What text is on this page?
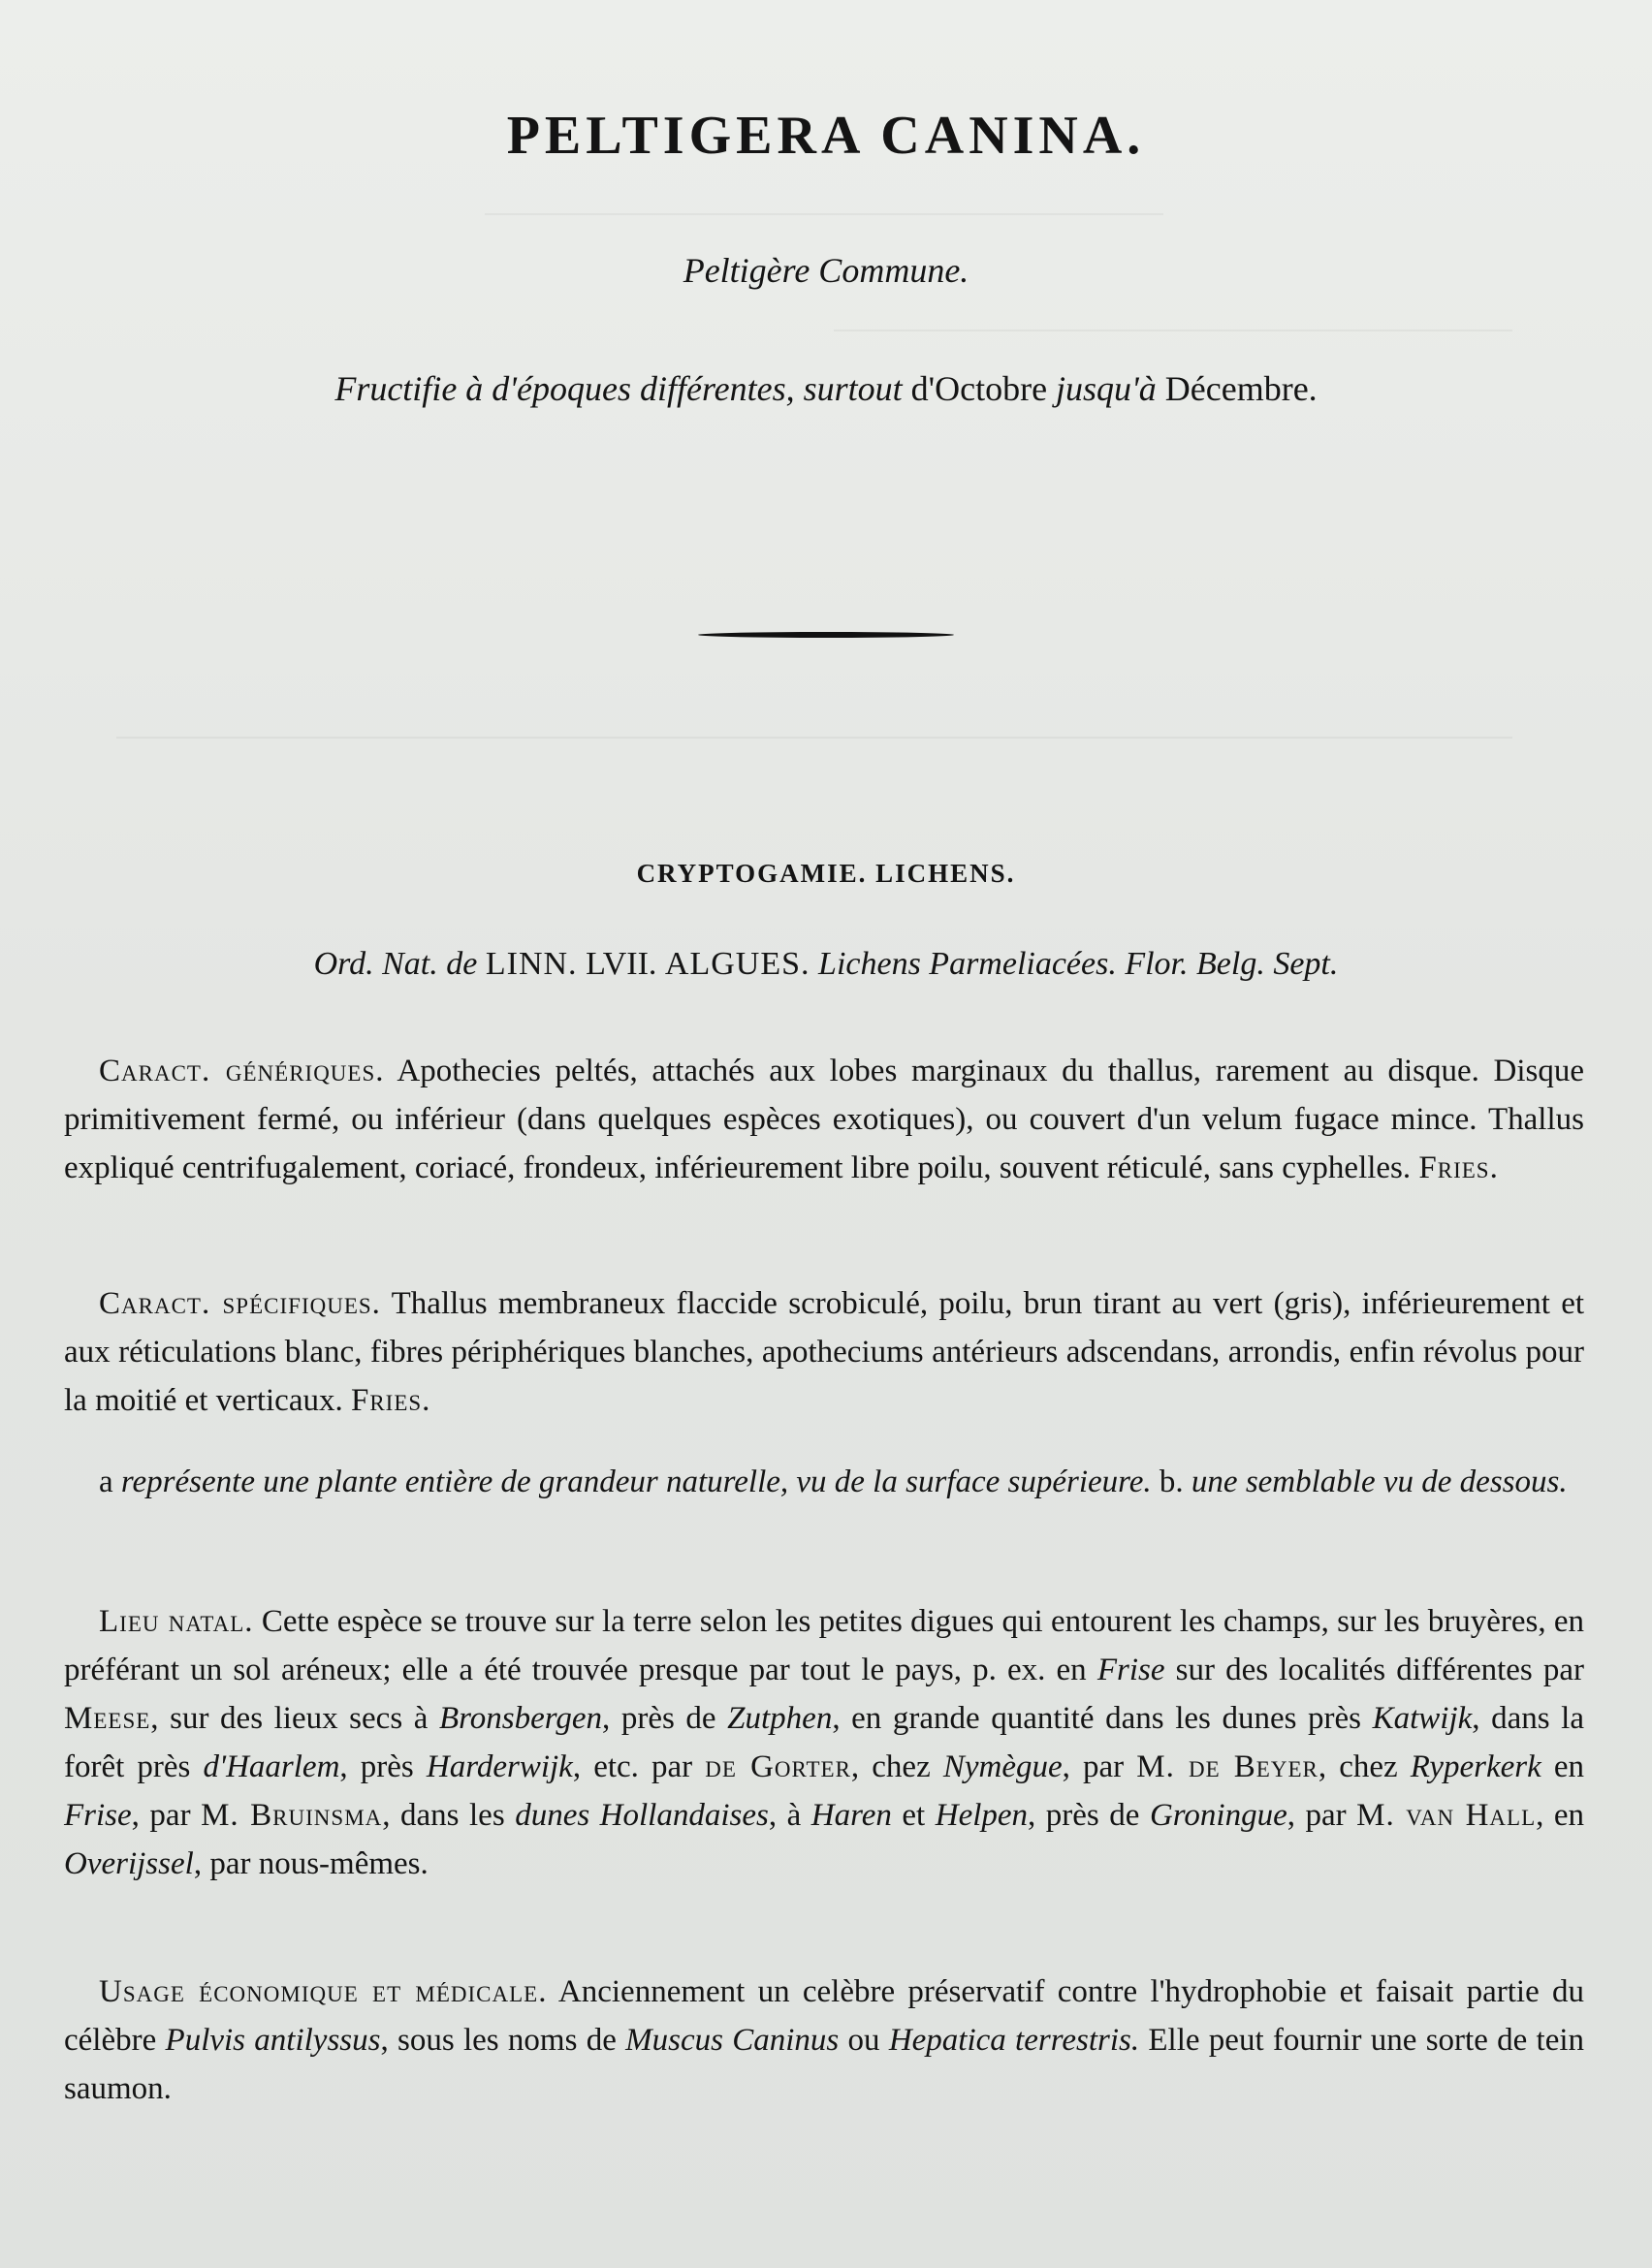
PELTIGERA CANINA.
Peltigère Commune.
Fructifie à d'époques différentes, surtout d'Octobre jusqu'à Décembre.
CRYPTOGAMIE. LICHENS.
Ord. Nat. de LINN. LVII. ALGUES. Lichens Parmeliacées. Flor. Belg. Sept.
Caract. génériques. Apothecies peltés, attachés aux lobes marginaux du thallus, rarement au disque. Disque primitivement fermé, ou inférieur (dans quelques espèces exotiques), ou couvert d'un velum fugace mince. Thallus expliqué centrifugalement, coriacé, frondeux, inférieurement libre poilu, souvent réticulé, sans cyphelles. Fries.
Caract. spécifiques. Thallus membraneux flaccide scrobiculé, poilu, brun tirant au vert (gris), inférieurement et aux réticulations blanc, fibres périphériques blanches, apotheciums antérieurs adscendans, arrondis, enfin révolus pour la moitié et verticaux. Fries.
a représente une plante entière de grandeur naturelle, vu de la surface supérieure. b. une semblable vu de dessous.
Lieu natal. Cette espèce se trouve sur la terre selon les petites digues qui entourent les champs, sur les bruyères, en préférant un sol aréneux; elle a été trouvée presque par tout le pays, p. ex. en Frise sur des localités différentes par Meese, sur des lieux secs à Bronsbergen, près de Zutphen, en grande quantité dans les dunes près Katwijk, dans la forêt près d'Haarlem, près Harderwijk, etc. par de Gorter, chez Nymègue, par M. de Beyer, chez Ryperkerk en Frise, par M. Bruinsma, dans les dunes Hollandaises, à Haren et Helpen, près de Groningue, par M. van Hall, en Overijssel, par nous-mêmes.
Usage économique et médicale. Anciennement un celèbre préservatif contre l'hydrophobie et faisait partie du célèbre Pulvis antilyssus, sous les noms de Muscus Caninus ou Hepatica terrestris. Elle peut fournir une sorte de tein saumon.
